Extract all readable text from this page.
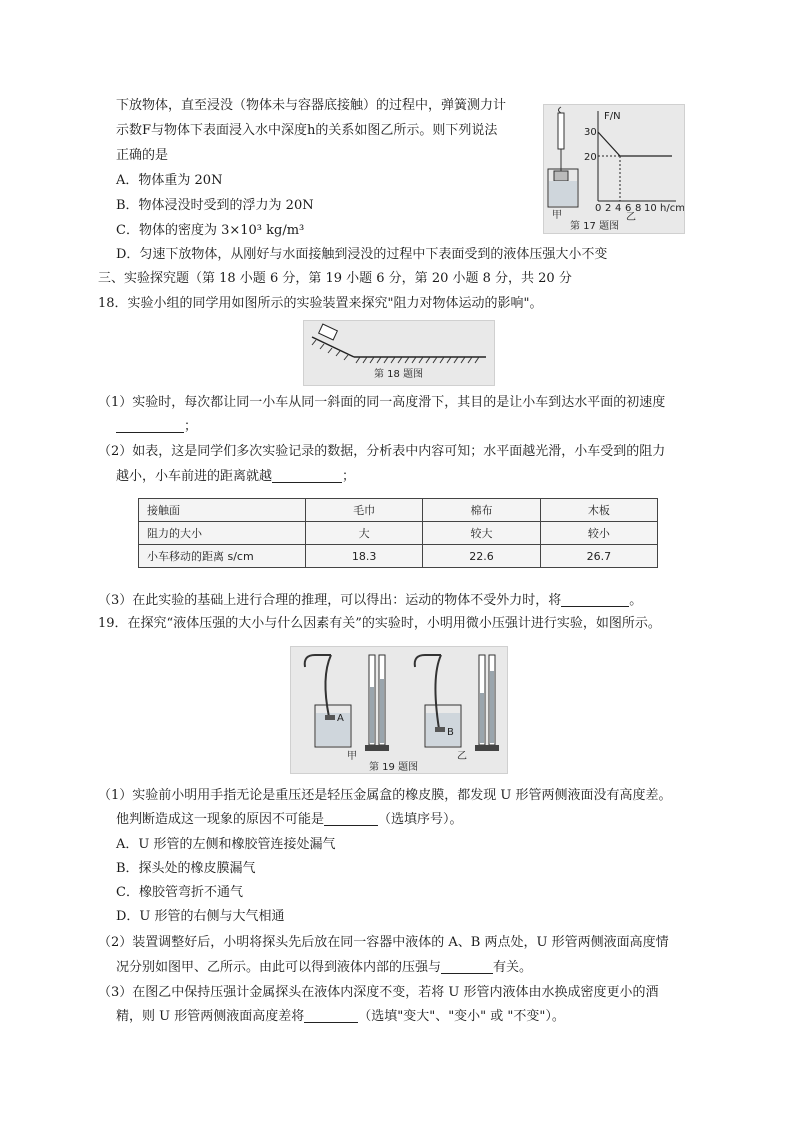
下放物体，直至浸没（物体未与容器底接触）的过程中，弹簧测力计
示数F与物体下表面浸入水中深度h的关系如图乙所示。则下列说法
正确的是
A．物体重为 20N
B．物体浸没时受到的浮力为 20N
C．物体的密度为 3×10³ kg/m³
D．匀速下放物体，从刚好与水面接触到浸没的过程中下表面受到的液体压强大小不变
甲
F/N
30
20
0 2 4 6 8 10 h/cm
乙
第 17 题图
三、实验探究题（第 18 小题 6 分，第 19 小题 6 分，第 20 小题 8 分，共 20 分
18．实验小组的同学用如图所示的实验装置来探究"阻力对物体运动的影响"。
第 18 题图
（1）实验时，每次都让同一小车从同一斜面的同一高度滑下，其目的是让小车到达水平面的初速度
；
（2）如表，这是同学们多次实验记录的数据，分析表中内容可知；水平面越光滑，小车受到的阻力
越小，小车前进的距离就越	；
接触面	毛巾	棉布	木板
阻力的大小	大	较大	较小
小车移动的距离 s/cm	18.3	22.6	26.7
（3）在此实验的基础上进行合理的推理，可以得出：运动的物体不受外力时，将	。
19．在探究“液体压强的大小与什么因素有关”的实验时，小明用微小压强计进行实验，如图所示。
A
甲
B
乙
第 19 题图
（1）实验前小明用手指无论是重压还是轻压金属盒的橡皮膜，都发现 U 形管两侧液面没有高度差。
他判断造成这一现象的原因不可能是	（选填序号）。
A．U 形管的左侧和橡胶管连接处漏气
B．探头处的橡皮膜漏气
C．橡胶管弯折不通气
D．U 形管的右侧与大气相通
（2）装置调整好后，小明将探头先后放在同一容器中液体的 A、B 两点处，U 形管两侧液面高度情
况分别如图甲、乙所示。由此可以得到液体内部的压强与	有关。
（3）在图乙中保持压强计金属探头在液体内深度不变，若将 U 形管内液体由水换成密度更小的酒
精，则 U 形管两侧液面高度差将	（选填"变大"、"变小" 或 "不变"）。
